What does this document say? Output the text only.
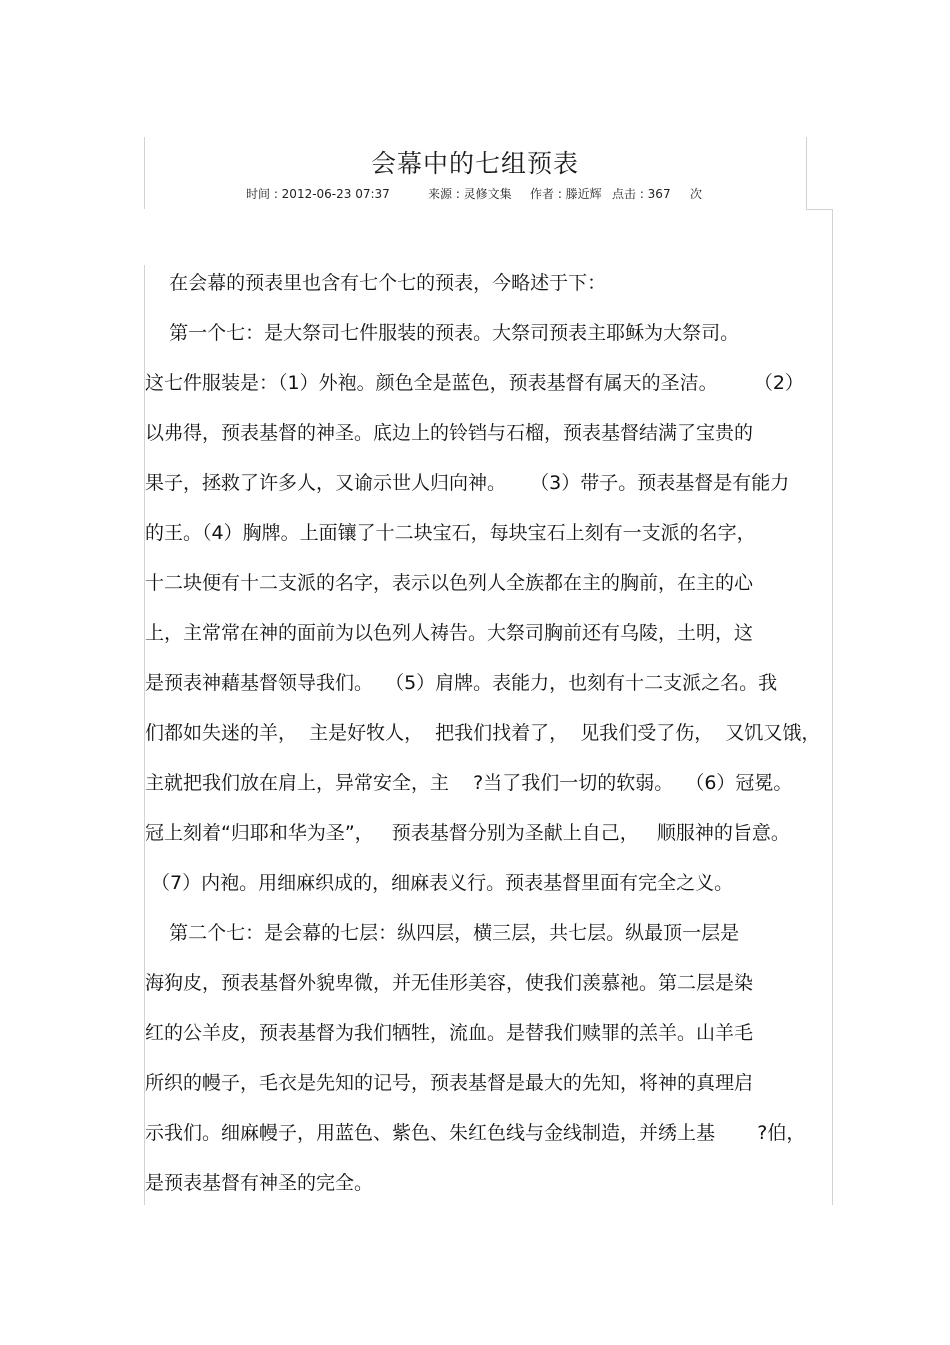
会幕中的七组预表
时间 : 2012-06-23 07:37	来源 : 灵修文集 作者 : 滕近辉 点击 : 367 次
在会幕的预表里也含有七个七的预表，今略述于下：
第一个七：是大祭司七件服装的预表。大祭司预表主耶稣为大祭司。
这七件服装是：（1）外袍。颜色全是蓝色，预表基督有属天的圣洁。      （2）
以弗得，预表基督的神圣。底边上的铃铛与石榴，预表基督结满了宝贵的
果子，拯救了许多人，又谕示世人归向神。    （3）带子。预表基督是有能力
的王。（4）胸牌。上面镶了十二块宝石，每块宝石上刻有一支派的名字，
十二块便有十二支派的名字，表示以色列人全族都在主的胸前，在主的心
上，主常常在神的面前为以色列人祷告。大祭司胸前还有乌陵，土明，这
是预表神藉基督领导我们。  （5）肩牌。表能力，也刻有十二支派之名。我
们都如失迷的羊，  主是好牧人，  把我们找着了，  见我们受了伤，  又饥又饿，
主就把我们放在肩上，异常安全，主    ?当了我们一切的软弱。  （6）冠冕。
冠上刻着“归耶和华为圣”，   预表基督分别为圣献上自己，   顺服神的旨意。
（7）内袍。用细麻织成的，细麻表义行。预表基督里面有完全之义。
第二个七：是会幕的七层：纵四层，横三层，共七层。纵最顶一层是
海狗皮，预表基督外貌卑微，并无佳形美容，使我们羡慕祂。第二层是染
红的公羊皮，预表基督为我们牺牲，流血。是替我们赎罪的羔羊。山羊毛
所织的幔子，毛衣是先知的记号，预表基督是最大的先知，将神的真理启
示我们。细麻幔子，用蓝色、紫色、朱红色线与金线制造，并绣上基       ?伯，
是预表基督有神圣的完全。
